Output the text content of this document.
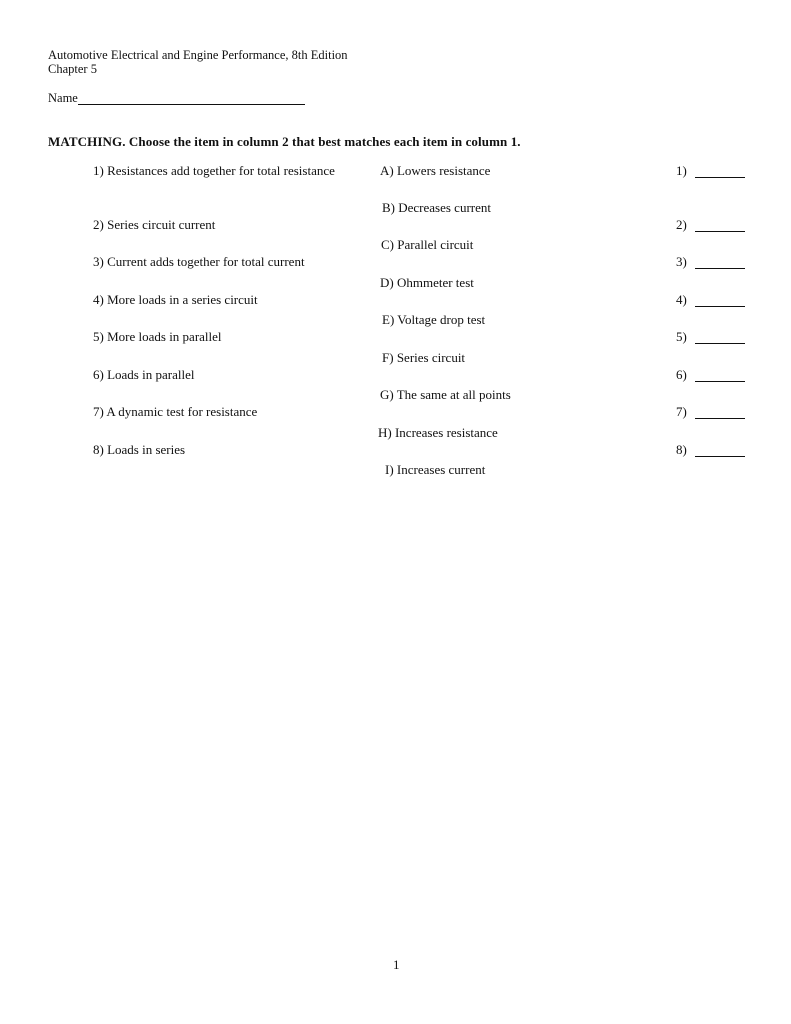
Automotive Electrical and Engine Performance, 8th Edition
Chapter 5
Name
MATCHING. Choose the item in column 2 that best matches each item in column 1.
1) Resistances add together for total resistance
2) Series circuit current
3) Current adds together for total current
4) More loads in a series circuit
5) More loads in parallel
6) Loads in parallel
7) A dynamic test for resistance
8) Loads in series
A) Lowers resistance
B) Decreases current
C) Parallel circuit
D) Ohmmeter test
E) Voltage drop test
F) Series circuit
G) The same at all points
H) Increases resistance
I) Increases current
1)
2)
3)
4)
5)
6)
7)
8)
1
